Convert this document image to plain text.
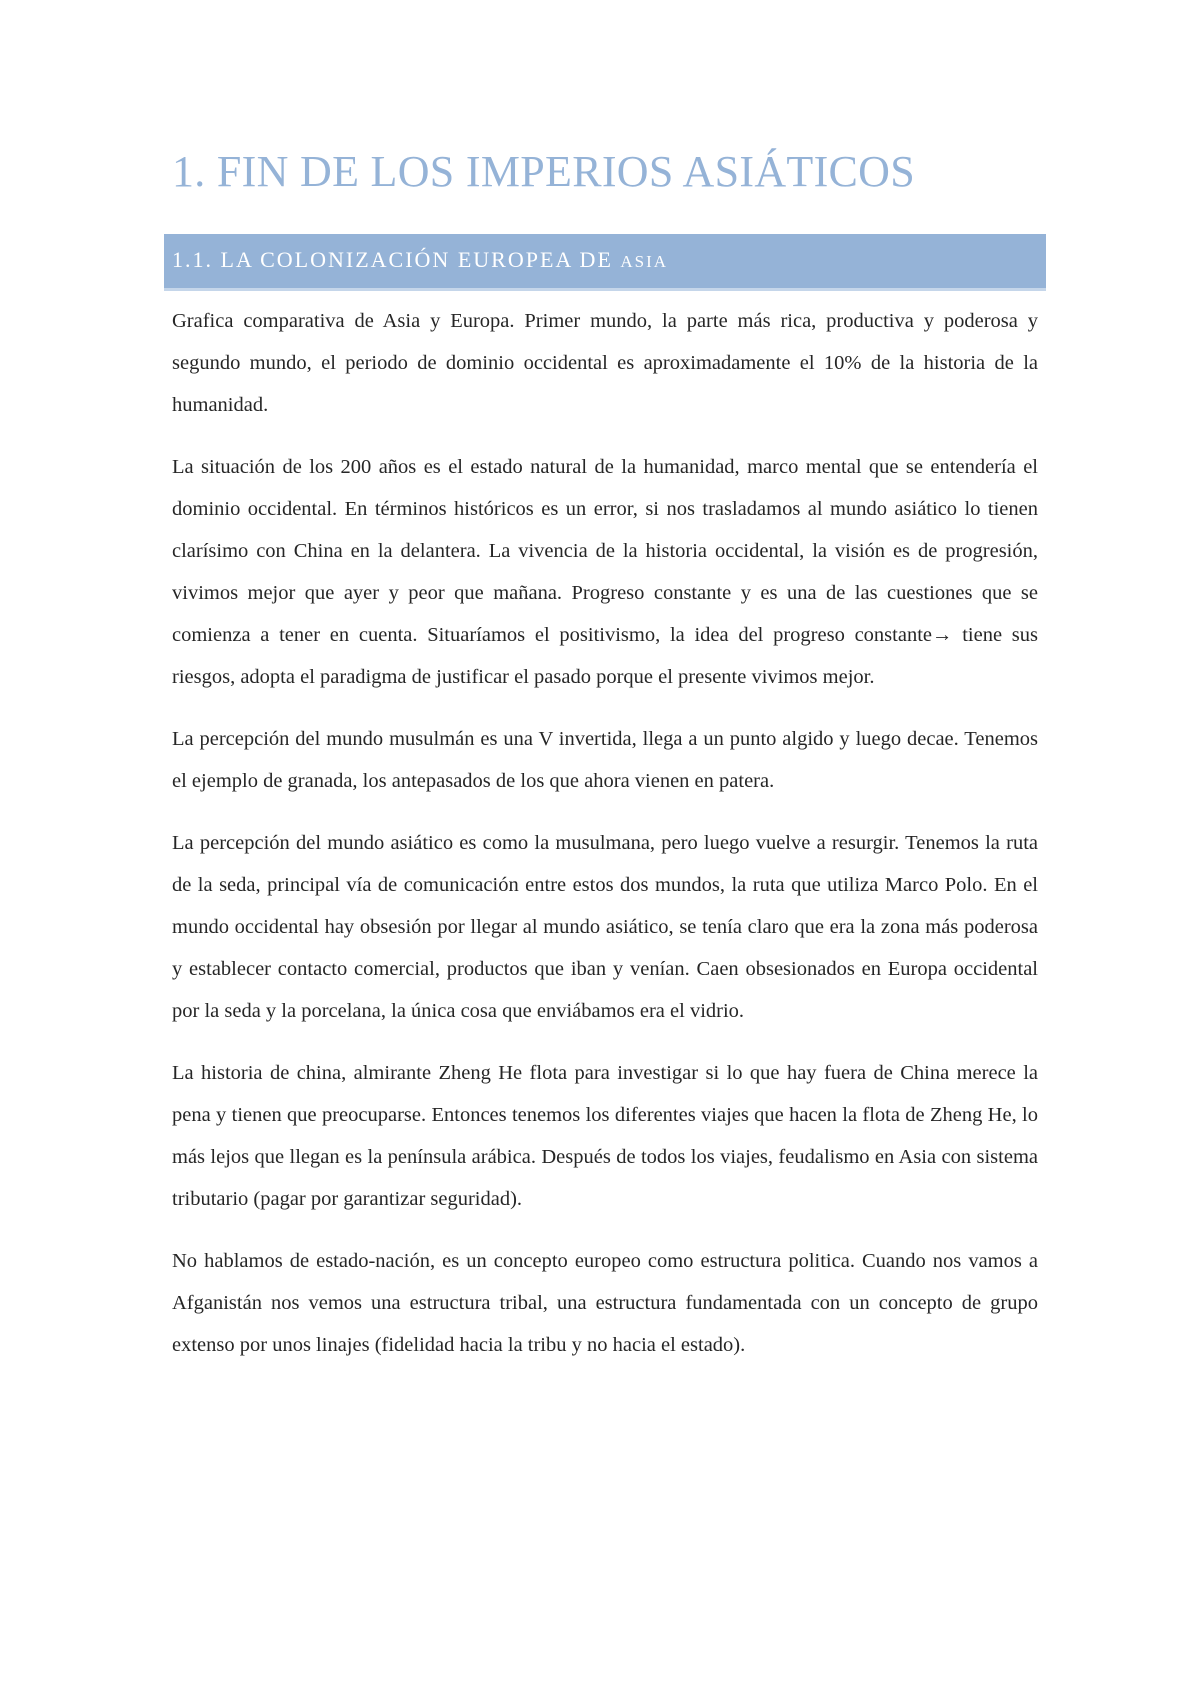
1. FIN DE LOS IMPERIOS ASIÁTICOS
1.1. LA COLONIZACIÓN EUROPEA DE ASIA

Grafica comparativa de Asia y Europa. Primer mundo, la parte más rica, productiva y poderosa y segundo mundo, el periodo de dominio occidental es aproximadamente el 10% de la historia de la humanidad.

La situación de los 200 años es el estado natural de la humanidad, marco mental que se entendería el dominio occidental. En términos históricos es un error, si nos trasladamos al mundo asiático lo tienen clarísimo con China en la delantera. La vivencia de la historia occidental, la visión es de progresión, vivimos mejor que ayer y peor que mañana. Progreso constante y es una de las cuestiones que se comienza a tener en cuenta. Situaríamos el positivismo, la idea del progreso constante→ tiene sus riesgos, adopta el paradigma de justificar el pasado porque el presente vivimos mejor.

La percepción del mundo musulmán es una V invertida, llega a un punto algido y luego decae. Tenemos el ejemplo de granada, los antepasados de los que ahora vienen en patera.

La percepción del mundo asiático es como la musulmana, pero luego vuelve a resurgir. Tenemos la ruta de la seda, principal vía de comunicación entre estos dos mundos, la ruta que utiliza Marco Polo. En el mundo occidental hay obsesión por llegar al mundo asiático, se tenía claro que era la zona más poderosa y establecer contacto comercial, productos que iban y venían. Caen obsesionados en Europa occidental por la seda y la porcelana, la única cosa que enviábamos era el vidrio.

La historia de china, almirante Zheng He flota para investigar si lo que hay fuera de China merece la pena y tienen que preocuparse. Entonces tenemos los diferentes viajes que hacen la flota de Zheng He, lo más lejos que llegan es la península arábica. Después de todos los viajes, feudalismo en Asia con sistema tributario (pagar por garantizar seguridad).

No hablamos de estado-nación, es un concepto europeo como estructura politica. Cuando nos vamos a Afganistán nos vemos una estructura tribal, una estructura fundamentada con un concepto de grupo extenso por unos linajes (fidelidad hacia la tribu y no hacia el estado).
